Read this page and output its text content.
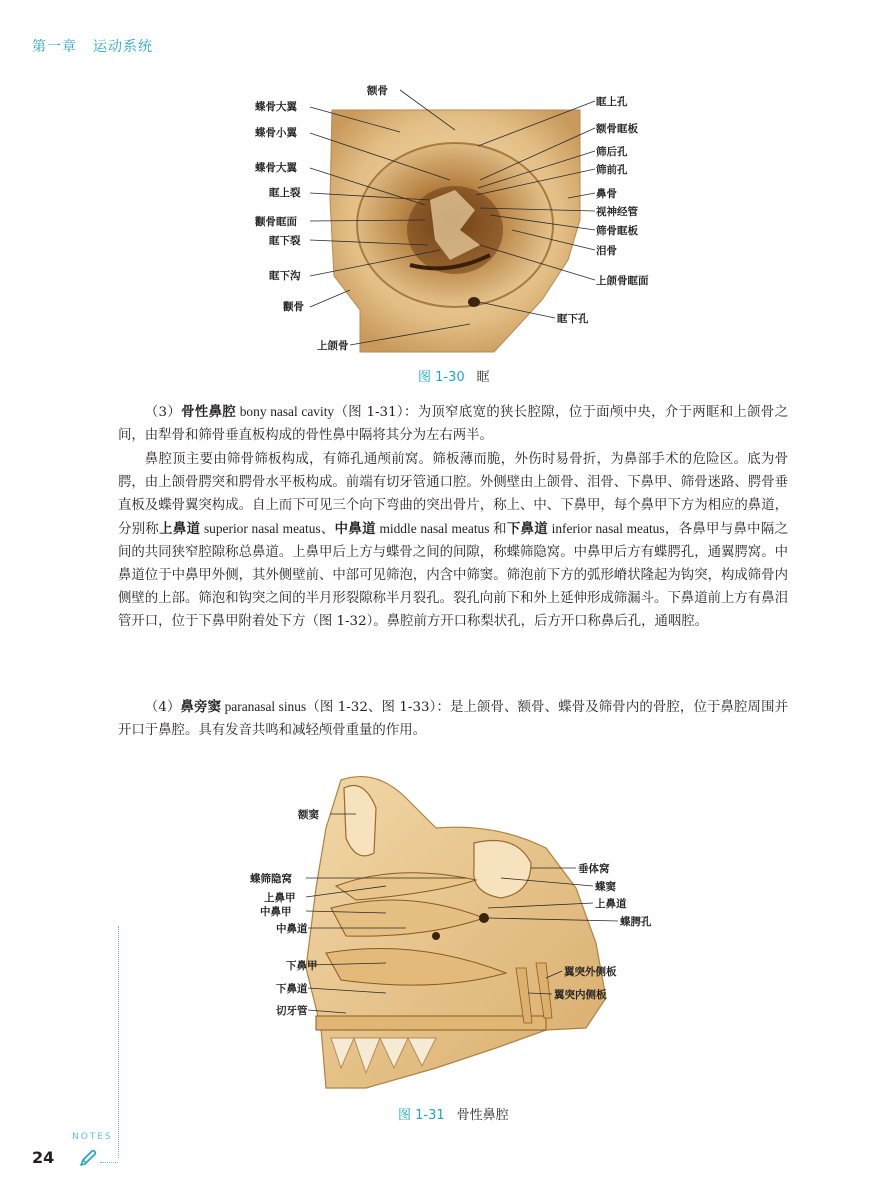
第一章 运动系统
蝶骨大翼
蝶骨小翼
蝶骨大翼
眶上裂
颧骨眶面
眶下裂
眶下沟
颧骨
上颌骨
额骨
眶上孔
额骨眶板
筛后孔
筛前孔
鼻骨
视神经管
筛骨眶板
泪骨
上颌骨眶面
眶下孔
图 1-30 眶

（3）骨性鼻腔 bony nasal cavity（图 1-31）：为顶窄底宽的狭长腔隙，位于面颅中央，介于两眶和上颌骨之间，由犁骨和筛骨垂直板构成的骨性鼻中隔将其分为左右两半。

鼻腔顶主要由筛骨筛板构成，有筛孔通颅前窝。筛板薄而脆，外伤时易骨折，为鼻部手术的危险区。底为骨腭，由上颌骨腭突和腭骨水平板构成。前端有切牙管通口腔。外侧壁由上颌骨、泪骨、下鼻甲、筛骨迷路、腭骨垂直板及蝶骨翼突构成。自上而下可见三个向下弯曲的突出骨片，称上、中、下鼻甲，每个鼻甲下方为相应的鼻道，分别称上鼻道 superior nasal meatus、中鼻道 middle nasal meatus 和下鼻道 inferior nasal meatus，各鼻甲与鼻中隔之间的共同狭窄腔隙称总鼻道。上鼻甲后上方与蝶骨之间的间隙，称蝶筛隐窝。中鼻甲后方有蝶腭孔，通翼腭窝。中鼻道位于中鼻甲外侧，其外侧壁前、中部可见筛泡，内含中筛窦。筛泡前下方的弧形嵴状隆起为钩突，构成筛骨内侧壁的上部。筛泡和钩突之间的半月形裂隙称半月裂孔。裂孔向前下和外上延伸形成筛漏斗。下鼻道前上方有鼻泪管开口，位于下鼻甲附着处下方（图 1-32）。鼻腔前方开口称梨状孔，后方开口称鼻后孔，通咽腔。

（4）鼻旁窦 paranasal sinus（图 1-32、图 1-33）：是上颌骨、额骨、蝶骨及筛骨内的骨腔，位于鼻腔周围并开口于鼻腔。具有发音共鸣和减轻颅骨重量的作用。

额窦
蝶筛隐窝
上鼻甲
中鼻甲
中鼻道
下鼻甲
下鼻道
切牙管
垂体窝
蝶窦
上鼻道
蝶腭孔
翼突外侧板
翼突内侧板
图 1-31 骨性鼻腔
NOTES
24
